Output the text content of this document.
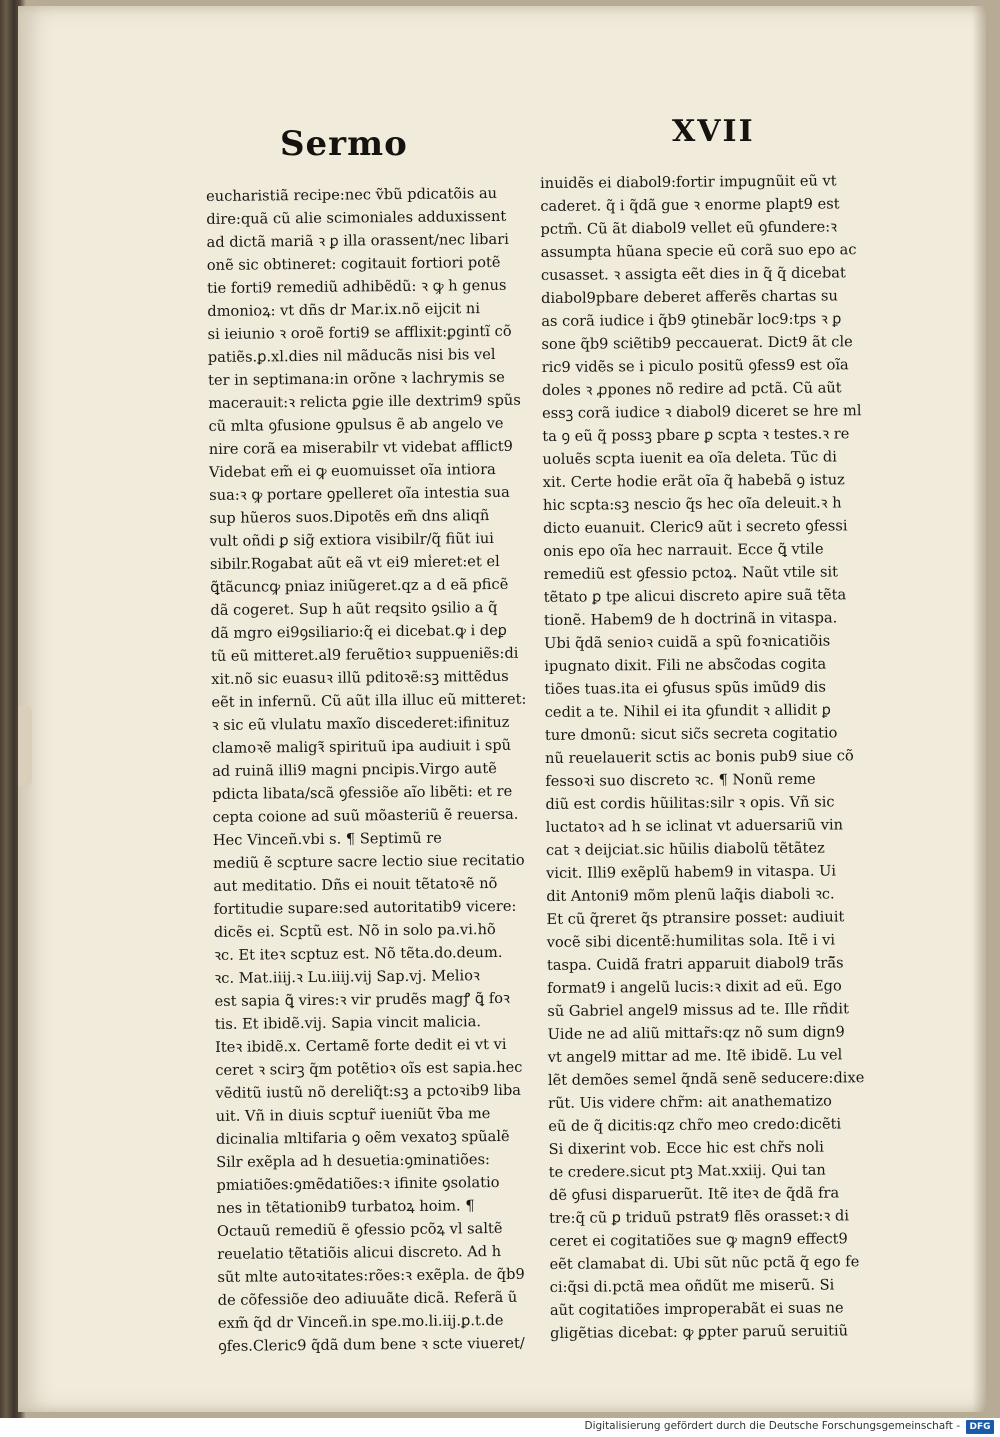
Sermo	XVII
eucharistiã recipe:nec ṽbũ pdicatõis au
dire:quã cũ alie scimoniales adduxissent
ad dictã mariã ꝛ ꝑ illa orassent/nec libari
onẽ sic obtineret: cogitauit fortiori potẽ
tie forti9 remediũ adhibẽdũ: ꝛ ꝙ h genus
dmonioꝝ: vt dñs dr Mar.ix.nõ eijcit ni
si ieiunio ꝛ oroẽ forti9 se afflixit:ꝑgintĩ cõ
patiẽs.ꝑ.xl.dies nil mãducãs nisi bis vel
ter in septimana:in orõne ꝛ lachrymis se
macerauit:ꝛ relicta ꝑgie ille dextrim9 spũs
cũ mlta ꝯfusione ꝯpulsus ẽ ab angelo ve
nire corã ea miserabilr vt videbat afflict9
Videbat em̃ ei ꝙ euomuisset oĩa intiora
sua:ꝛ ꝙ portare ꝯpelleret oĩa intestia sua
sup hũeros suos.Dipotẽs em̃ dns aliqñ
vult oñdi ꝑ sig̃ extiora visibilr/q̃ fiũt iui
sibilr.Rogabat aũt eã vt ei9 mi̾eret:et el
ꝗ̃tãcuncꝙ pniaz iniũgeret.qz a d eã pficẽ
dã cogeret. Sup h aũt reqsito ꝯsilio a q̃
dã mgro ei9ꝯsiliario:q̃ ei dicebat.ꝙ i deꝑ
tũ eũ mitteret.al9 feruẽtioꝛ suppueniẽs:di
xit.nõ sic euasuꝛ illũ pditoꝛẽ:sꝫ mittẽdus
eẽt in infernũ. Cũ aũt illa illuc eũ mitteret:
ꝛ sic eũ vlulatu maxĩo discederet:ifinituz
clamoꝛẽ maligꝛ̃ spirituũ ipa audiuit i spũ
ad ruinã illi9 magni pncipis.Virgo autẽ
pdicta libata/scã ꝯfessiõe aĩo libẽti: et re
cepta coione ad suũ mõasteriũ ẽ reuersa.
Hec Vinceñ.vbi s. ¶ Septimũ re
mediũ ẽ scpture sacre lectio siue recitatio
aut meditatio. Dñs ei nouit tẽtatoꝛẽ nõ
fortitudie supare:sed autoritatib9 vicere:
dicẽs ei. Scptũ est. Nõ in solo pa.vi.hõ
ꝛc. Et iteꝛ scptuz est. Nõ tẽta.do.deum.
ꝛc. Mat.iiij.ꝛ Lu.iiij.vij Sap.vj. Melioꝛ
est sapia ꝗ̃ vires:ꝛ vir prudẽs magꝭ ꝗ̃ foꝛ
tis. Et ibidẽ.vij. Sapia vincit malicia.
Iteꝛ ibidẽ.x. Certamẽ forte dedit ei vt vi
ceret ꝛ scirꝫ q̃m potẽtioꝛ oĩs est sapia.hec
vẽditũ iustũ nõ dereliq̃t:sꝫ a pctoꝛib9 liba
uit. Vñ in diuis scptur̃ iueniũt ṽba me
dicinalia mltifaria ꝯ oẽm vexatoꝫ spũalẽ
Silr exẽpla ad h desuetia:ꝯminatiões:
pmiatiões:ꝯmẽdatiões:ꝛ ifinite ꝯsolatio
nes in tẽtationib9 turbatoꝝ hoim. ¶
Octauũ remediũ ẽ ꝯfessio pcõꝝ vl saltẽ
reuelatio tẽtatiõis alicui discreto. Ad h
sũt mlte autoꝛitates:rões:ꝛ exẽpla. de q̃b9
de cõfessiõe deo adiuuãte dicã. Referã ũ
exm̃ q̃d dr Vinceñ.in spe.mo.li.iij.ꝑ.t.de
ꝯfes.Cleric9 q̃dã dum bene ꝛ scte viueret/
inuidẽs ei diabol9:fortir impugnũit eũ vt
caderet. q̃ i q̃dã gue ꝛ enorme plapt9 est
pctm̃. Cũ ãt diabol9 vellet eũ ꝯfundere:ꝛ
assumpta hũana specie eũ corã suo epo ac
cusasset. ꝛ assigta eẽt dies in q̃ q̃ dicebat
diabol9pbare deberet afferẽs chartas su
as corã iudice i q̃b9 ꝯtinebãr loc9:tps ꝛ ꝑ
sone q̃b9 sciẽtib9 peccauerat. Dict9 ãt cle
ric9 vidẽs se i piculo positũ ꝯfess9 est oĩa
doles ꝛ ꝓpones nõ redire ad pctã. Cũ aũt
essꝫ corã iudice ꝛ diabol9 diceret se hre ml
ta ꝯ eũ q̃ possꝫ pbare ꝑ scpta ꝛ testes.ꝛ re
uoluẽs scpta iuenit ea oĩa deleta. Tũc di
xit. Certe hodie erãt oĩa q̃ habebã ꝯ istuz
hic scpta:sꝫ nescio q̃s hec oĩa deleuit.ꝛ h
dicto euanuit. Cleric9 aũt i secreto ꝯfessi
onis epo oĩa hec narrauit. Ecce ꝗ̃ vtile
remediũ est ꝯfessio pctoꝝ. Naũt vtile sit
tẽtato ꝑ tpe alicui discreto apire suã tẽta
tionẽ. Habem9 de h doctrinã in vitaspa.
Ubi q̃dã senioꝛ cuidã a spũ foꝛnicatiõis
ipugnato dixit. Fili ne absc̃odas cogita
tiões tuas.ita ei ꝯfusus spũs imũd9 dis
cedit a te. Nihil ei ita ꝯfundit ꝛ allidit ꝑ
ture dmonũ: sicut sic̃s secreta cogitatio
nũ reuelauerit sctis ac bonis pub9 siue cõ
fessoꝛi suo discreto ꝛc. ¶ Nonũ reme
diũ est cordis hũilitas:silr ꝛ opis. Vñ sic
luctatoꝛ ad h se iclinat vt aduersariũ vin
cat ꝛ deijciat.sic hũilis diabolũ tẽtãtez
vicit. Illi9 exẽplũ habem9 in vitaspa. Ui
dit Antoni9 mõm plenũ laq̃is diaboli ꝛc.
Et cũ q̃reret q̃s ptransire posset: audiuit
vocẽ sibi dicentẽ:humilitas sola. Itẽ i vi
taspa. Cuidã fratri apparuit diabol9 trã̃s
format9 i angelũ lucis:ꝛ dixit ad eũ. Ego
sũ Gabriel angel9 missus ad te. Ille rñdit
Uide ne ad aliũ mittar̃s:qz nõ sum dign9
vt angel9 mittar ad me. Itẽ ibidẽ. Lu vel
lẽt demões semel q̃ndã senẽ seducere:dixe
rũt. Uis videre chr̃m: ait anathematizo
eũ de q̃ dicitis:qz chr̃o meo credo:dicẽti
Si dixerint vob. Ecce hic est chr̃s noli
te credere.sicut ptꝫ Mat.xxiij. Qui tan
dẽ ꝯfusi disparuerũt. Itẽ iteꝛ de q̃dã fra
tre:q̃ cũ ꝑ triduũ pstrat9 flẽs orasset:ꝛ di
ceret ei cogitatiões sue ꝙ magn9 effect9
eẽt clamabat di. Ubi sũt nũc pctã q̃ ego fe
ci:q̃si di.pctã mea oñdũt me miserũ. Si
aũt cogitatiões improperabãt ei suas ne
gligẽtias dicebat: ꝙ ꝑpter paruũ seruitiũ
Digitalisierung gefördert durch die Deutsche Forschungsgemeinschaft -	DFG
